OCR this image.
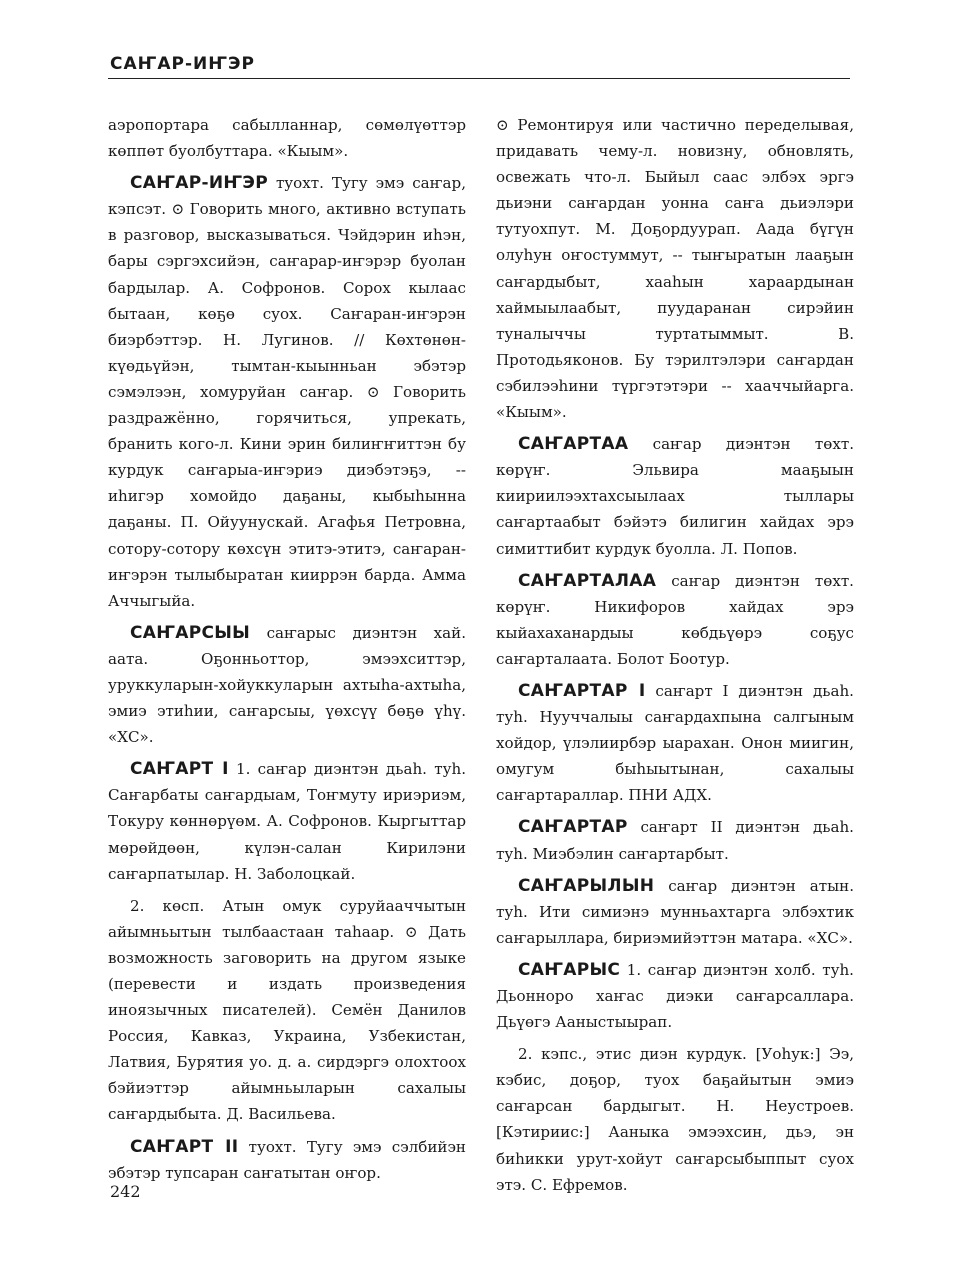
САҤАР-ИҤЭР

аэропортара сабылланнар, сөмөлүөттэр көппөт буолбуттара. «Кыым».

САҤАР-ИҤЭР туохт. Тугу эмэ саҥар, кэпсэт. ⊙ Говорить много, активно вступать в разговор, высказываться. Чэйдэрин иһэн, бары сэргэхсийэн, саҥарар-иҥэрэр буолан бардылар. А. Софронов. Сорох кылаас бытаан, көҕө суох. Саҥаран-иҥэрэн биэрбэттэр. Н. Лугинов. // Көхтөнөн-күөдьүйэн, тымтан-кыынньан эбэтэр сэмэлээн, хомуруйан саҥар. ⊙ Говорить раздражённо, горячиться, упрекать, бранить кого-л. Кини эрин билиҥҥиттэн бу курдук саҥарыа-иҥэриэ диэбэтэҕэ, -- иһигэр хомойдо даҕаны, кыбыһынна даҕаны. П. Ойуунускай. Агафья Петровна, сотору-сотору көхсүн этитэ-этитэ, саҥаран-иҥэрэн тылыбыратан кииррэн барда. Амма Аччыгыйа.

САҤАРСЫЫ саҥарыс диэнтэн хай. аата. Оҕонньоттор, эмээхситтэр, уруккуларын-хойуккуларын ахтыһа-ахтыһа, эмиэ этиһии, саҥарсыы, үөхсүү бөҕө үһү. «ХС».

САҤАРТ I 1. саҥар диэнтэн дьаһ. туһ. Саҥарбаты саҥардыам, Тоҥмуту ириэриэм, Токуру көннөрүөм. А. Софронов. Кыргыттар мөрөйдөөн, күлэн-салан Кирилэни саҥарпатылар. Н. Заболоцкай.

2. көсп. Атын омук суруйааччытын айымньытын тылбаастаан таһаар. ⊙ Дать возможность заговорить на другом языке (перевести и издать произведения иноязычных писателей). Семён Данилов Россия, Кавказ, Украина, Узбекистан, Латвия, Бурятия уо. д. а. сирдэргэ олохтоох бэйиэттэр айымньыларын сахалыы саҥардыбыта. Д. Васильева.

САҤАРТ II туохт. Тугу эмэ сэлбийэн эбэтэр тупсаран саҥатытан оҥор.

⊙ Ремонтируя или частично переделывая, придавать чему-л. новизну, обновлять, освежать что-л. Быйыл саас элбэх эргэ дьиэни саҥардан уонна саҥа дьиэлэри тутуохпут. М. Доҕордуурап. Аада бүгүн олуһун оҥостуммут, -- тыҥыратын лааҕын саҥардыбыт, хааһын хараардынан хаймыылаабыт, пуударанан сирэйин туналыччы туртатыммыт. В. Протодьяконов. Бу тэрилтэлэри саҥардан сэбилээһини түргэтэтэри -- хааччыйарга. «Кыым».

САҤАРТАА саҥар диэнтэн төхт. көрүҥ. Эльвира мааҕыын киириилээхтахсыылаах тыллары саҥартаабыт бэйэтэ билигин хайдах эрэ симиттибит курдук буолла. Л. Попов.

САҤАРТАЛАА саҥар диэнтэн төхт. көрүҥ. Никифоров хайдах эрэ кыйахаханардыы көбдьүөрэ соҕус саҥарталаата. Болот Боотур.

САҤАРТАР I саҥарт I диэнтэн дьаһ. туһ. Нууччалыы саҥардахпына салгыным хойдор, үлэлиирбэр ыарахан. Онон миигин, омугум быһыытынан, сахалыы саҥартараллар. ПНИ АДХ.

САҤАРТАР саҥарт II диэнтэн дьаһ. туһ. Миэбэлин саҥартарбыт.

САҤАРЫЛЫН саҥар диэнтэн атын. туһ. Ити симиэнэ мунньахтарга элбэхтик саҥарыллара, бириэмийэттэн матара. «ХС».

САҤАРЫС 1. саҥар диэнтэн холб. туһ. Дьонноро хаҥас диэки саҥарсаллара. Дьүөгэ Ааныстыырап.

2. кэпс., этис диэн курдук. [Уоһук:] Ээ, кэбис, доҕор, туох баҕайытын эмиэ саҥарсан бардыгыт. Н. Неустроев. [Кэтириис:] Ааныка эмээхсин, дьэ, эн биһикки урут-хойут саҥарсыбыппыт суох этэ. С. Ефремов.

242
